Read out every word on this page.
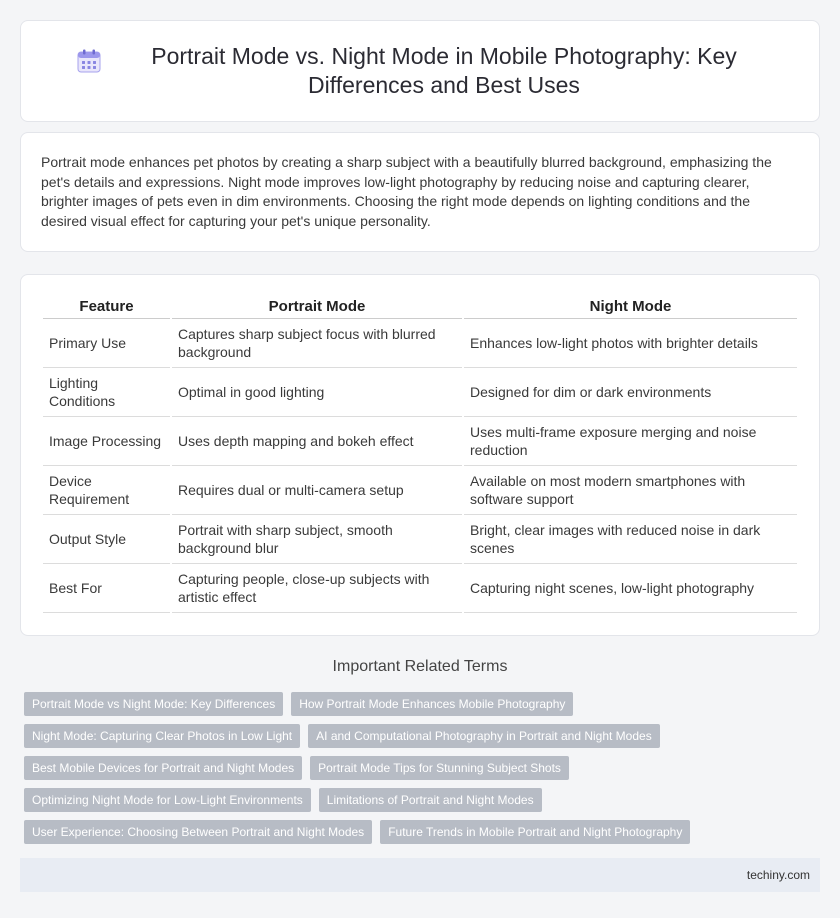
Portrait Mode vs. Night Mode in Mobile Photography: Key Differences and Best Uses

Portrait mode enhances pet photos by creating a sharp subject with a beautifully blurred background, emphasizing the pet's details and expressions. Night mode improves low-light photography by reducing noise and capturing clearer, brighter images of pets even in dim environments. Choosing the right mode depends on lighting conditions and the desired visual effect for capturing your pet's unique personality.

Feature	Portrait Mode	Night Mode
Primary Use	Captures sharp subject focus with blurred background	Enhances low-light photos with brighter details
Lighting Conditions	Optimal in good lighting	Designed for dim or dark environments
Image Processing	Uses depth mapping and bokeh effect	Uses multi-frame exposure merging and noise reduction
Device Requirement	Requires dual or multi-camera setup	Available on most modern smartphones with software support
Output Style	Portrait with sharp subject, smooth background blur	Bright, clear images with reduced noise in dark scenes
Best For	Capturing people, close-up subjects with artistic effect	Capturing night scenes, low-light photography
Important Related Terms
Portrait Mode vs Night Mode: Key Differences	How Portrait Mode Enhances Mobile Photography
Night Mode: Capturing Clear Photos in Low Light	AI and Computational Photography in Portrait and Night Modes
Best Mobile Devices for Portrait and Night Modes	Portrait Mode Tips for Stunning Subject Shots
Optimizing Night Mode for Low-Light Environments	Limitations of Portrait and Night Modes
User Experience: Choosing Between Portrait and Night Modes	Future Trends in Mobile Portrait and Night Photography
techiny.com
